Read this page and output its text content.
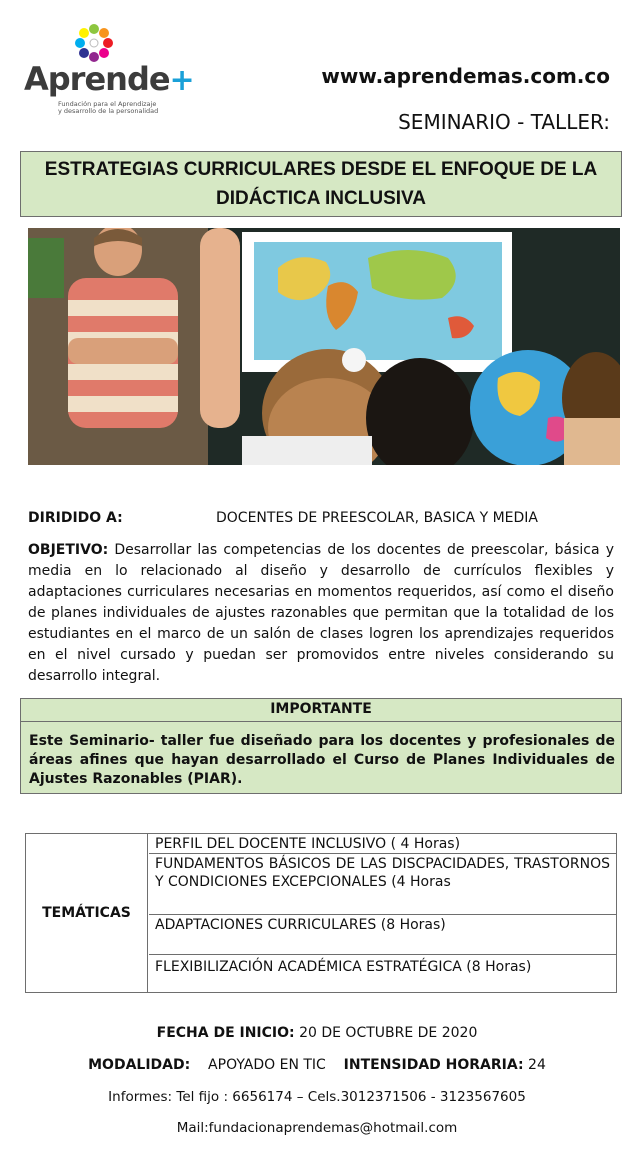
Aprende+
Fundación para el Aprendizaje
y desarrollo de la personalidad
www.aprendemas.com.co
SEMINARIO - TALLER:
ESTRATEGIAS CURRICULARES DESDE EL ENFOQUE DE LA DIDÁCTICA INCLUSIVA
DIRIDIDO A:	DOCENTES DE PREESCOLAR, BASICA Y MEDIA
OBJETIVO: Desarrollar las competencias de los docentes de preescolar, básica y media en lo relacionado al diseño y desarrollo de currículos flexibles y adaptaciones curriculares necesarias en momentos requeridos, así como el diseño de planes individuales de ajustes razonables que permitan que la totalidad de los estudiantes en el marco de un salón de clases logren los aprendizajes requeridos en el nivel cursado y puedan ser promovidos entre niveles considerando su desarrollo integral.
IMPORTANTE
Este Seminario- taller fue diseñado para los docentes y profesionales de áreas afines que hayan desarrollado el Curso de Planes Individuales de Ajustes Razonables (PIAR).
TEMÁTICAS
PERFIL DEL DOCENTE INCLUSIVO ( 4 Horas)
FUNDAMENTOS BÁSICOS DE LAS DISCPACIDADES, TRASTORNOS Y CONDICIONES EXCEPCIONALES (4 Horas
ADAPTACIONES CURRICULARES (8 Horas)
FLEXIBILIZACIÓN ACADÉMICA ESTRATÉGICA (8 Horas)
FECHA DE INICIO: 20 DE OCTUBRE DE 2020
MODALIDAD: APOYADO EN TIC INTENSIDAD HORARIA: 24
Informes: Tel fijo : 6656174 – Cels.3012371506 - 3123567605
Mail:fundacionaprendemas@hotmail.com
